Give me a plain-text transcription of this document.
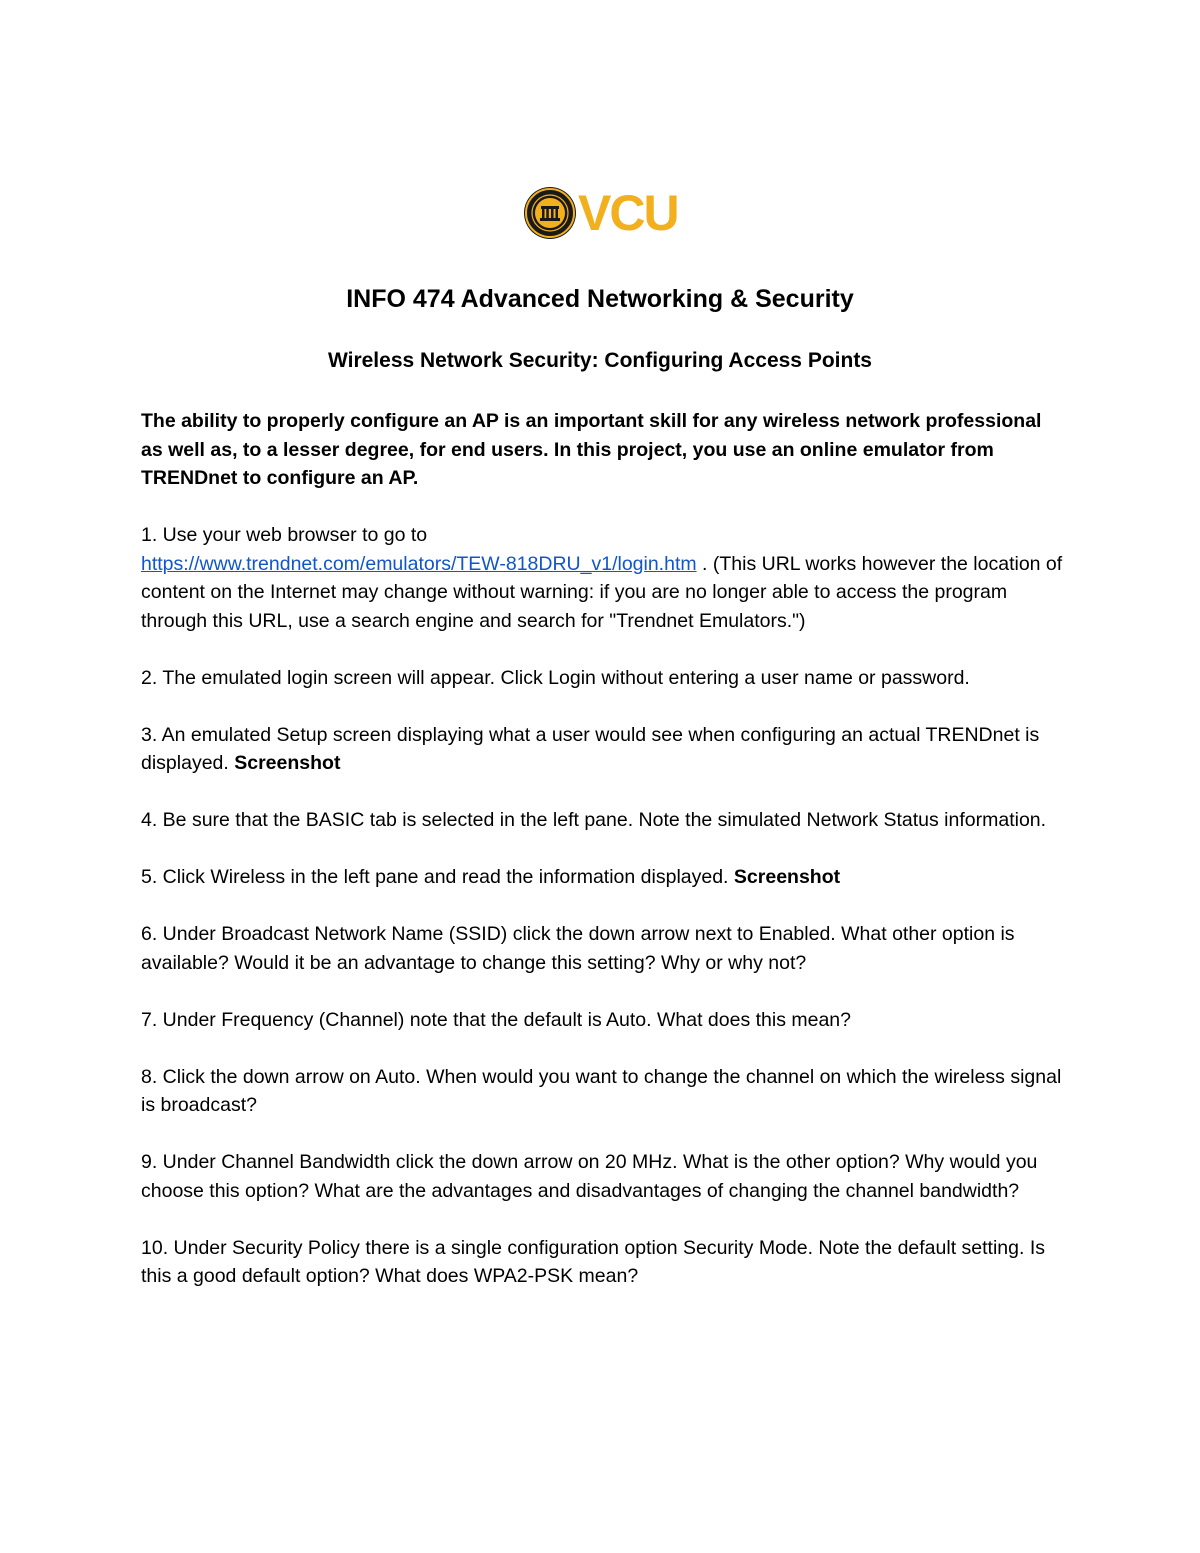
VCU
INFO 474 Advanced Networking & Security
Wireless Network Security: Configuring Access Points

The ability to properly configure an AP is an important skill for any wireless network professional as well as, to a lesser degree, for end users. In this project, you use an online emulator from TRENDnet to configure an AP.

1. Use your web browser to go to
https://www.trendnet.com/emulators/TEW-818DRU_v1/login.htm . (This URL works however the location of content on the Internet may change without warning: if you are no longer able to access the program through this URL, use a search engine and search for "Trendnet Emulators.")

2. The emulated login screen will appear. Click Login without entering a user name or password.

3. An emulated Setup screen displaying what a user would see when configuring an actual TRENDnet is displayed. Screenshot

4. Be sure that the BASIC tab is selected in the left pane. Note the simulated Network Status information.

5. Click Wireless in the left pane and read the information displayed. Screenshot

6. Under Broadcast Network Name (SSID) click the down arrow next to Enabled. What other option is available? Would it be an advantage to change this setting? Why or why not?

7. Under Frequency (Channel) note that the default is Auto. What does this mean?

8. Click the down arrow on Auto. When would you want to change the channel on which the wireless signal is broadcast?

9. Under Channel Bandwidth click the down arrow on 20 MHz. What is the other option? Why would you choose this option? What are the advantages and disadvantages of changing the channel bandwidth?

10. Under Security Policy there is a single configuration option Security Mode. Note the default setting. Is this a good default option? What does WPA2-PSK mean?
